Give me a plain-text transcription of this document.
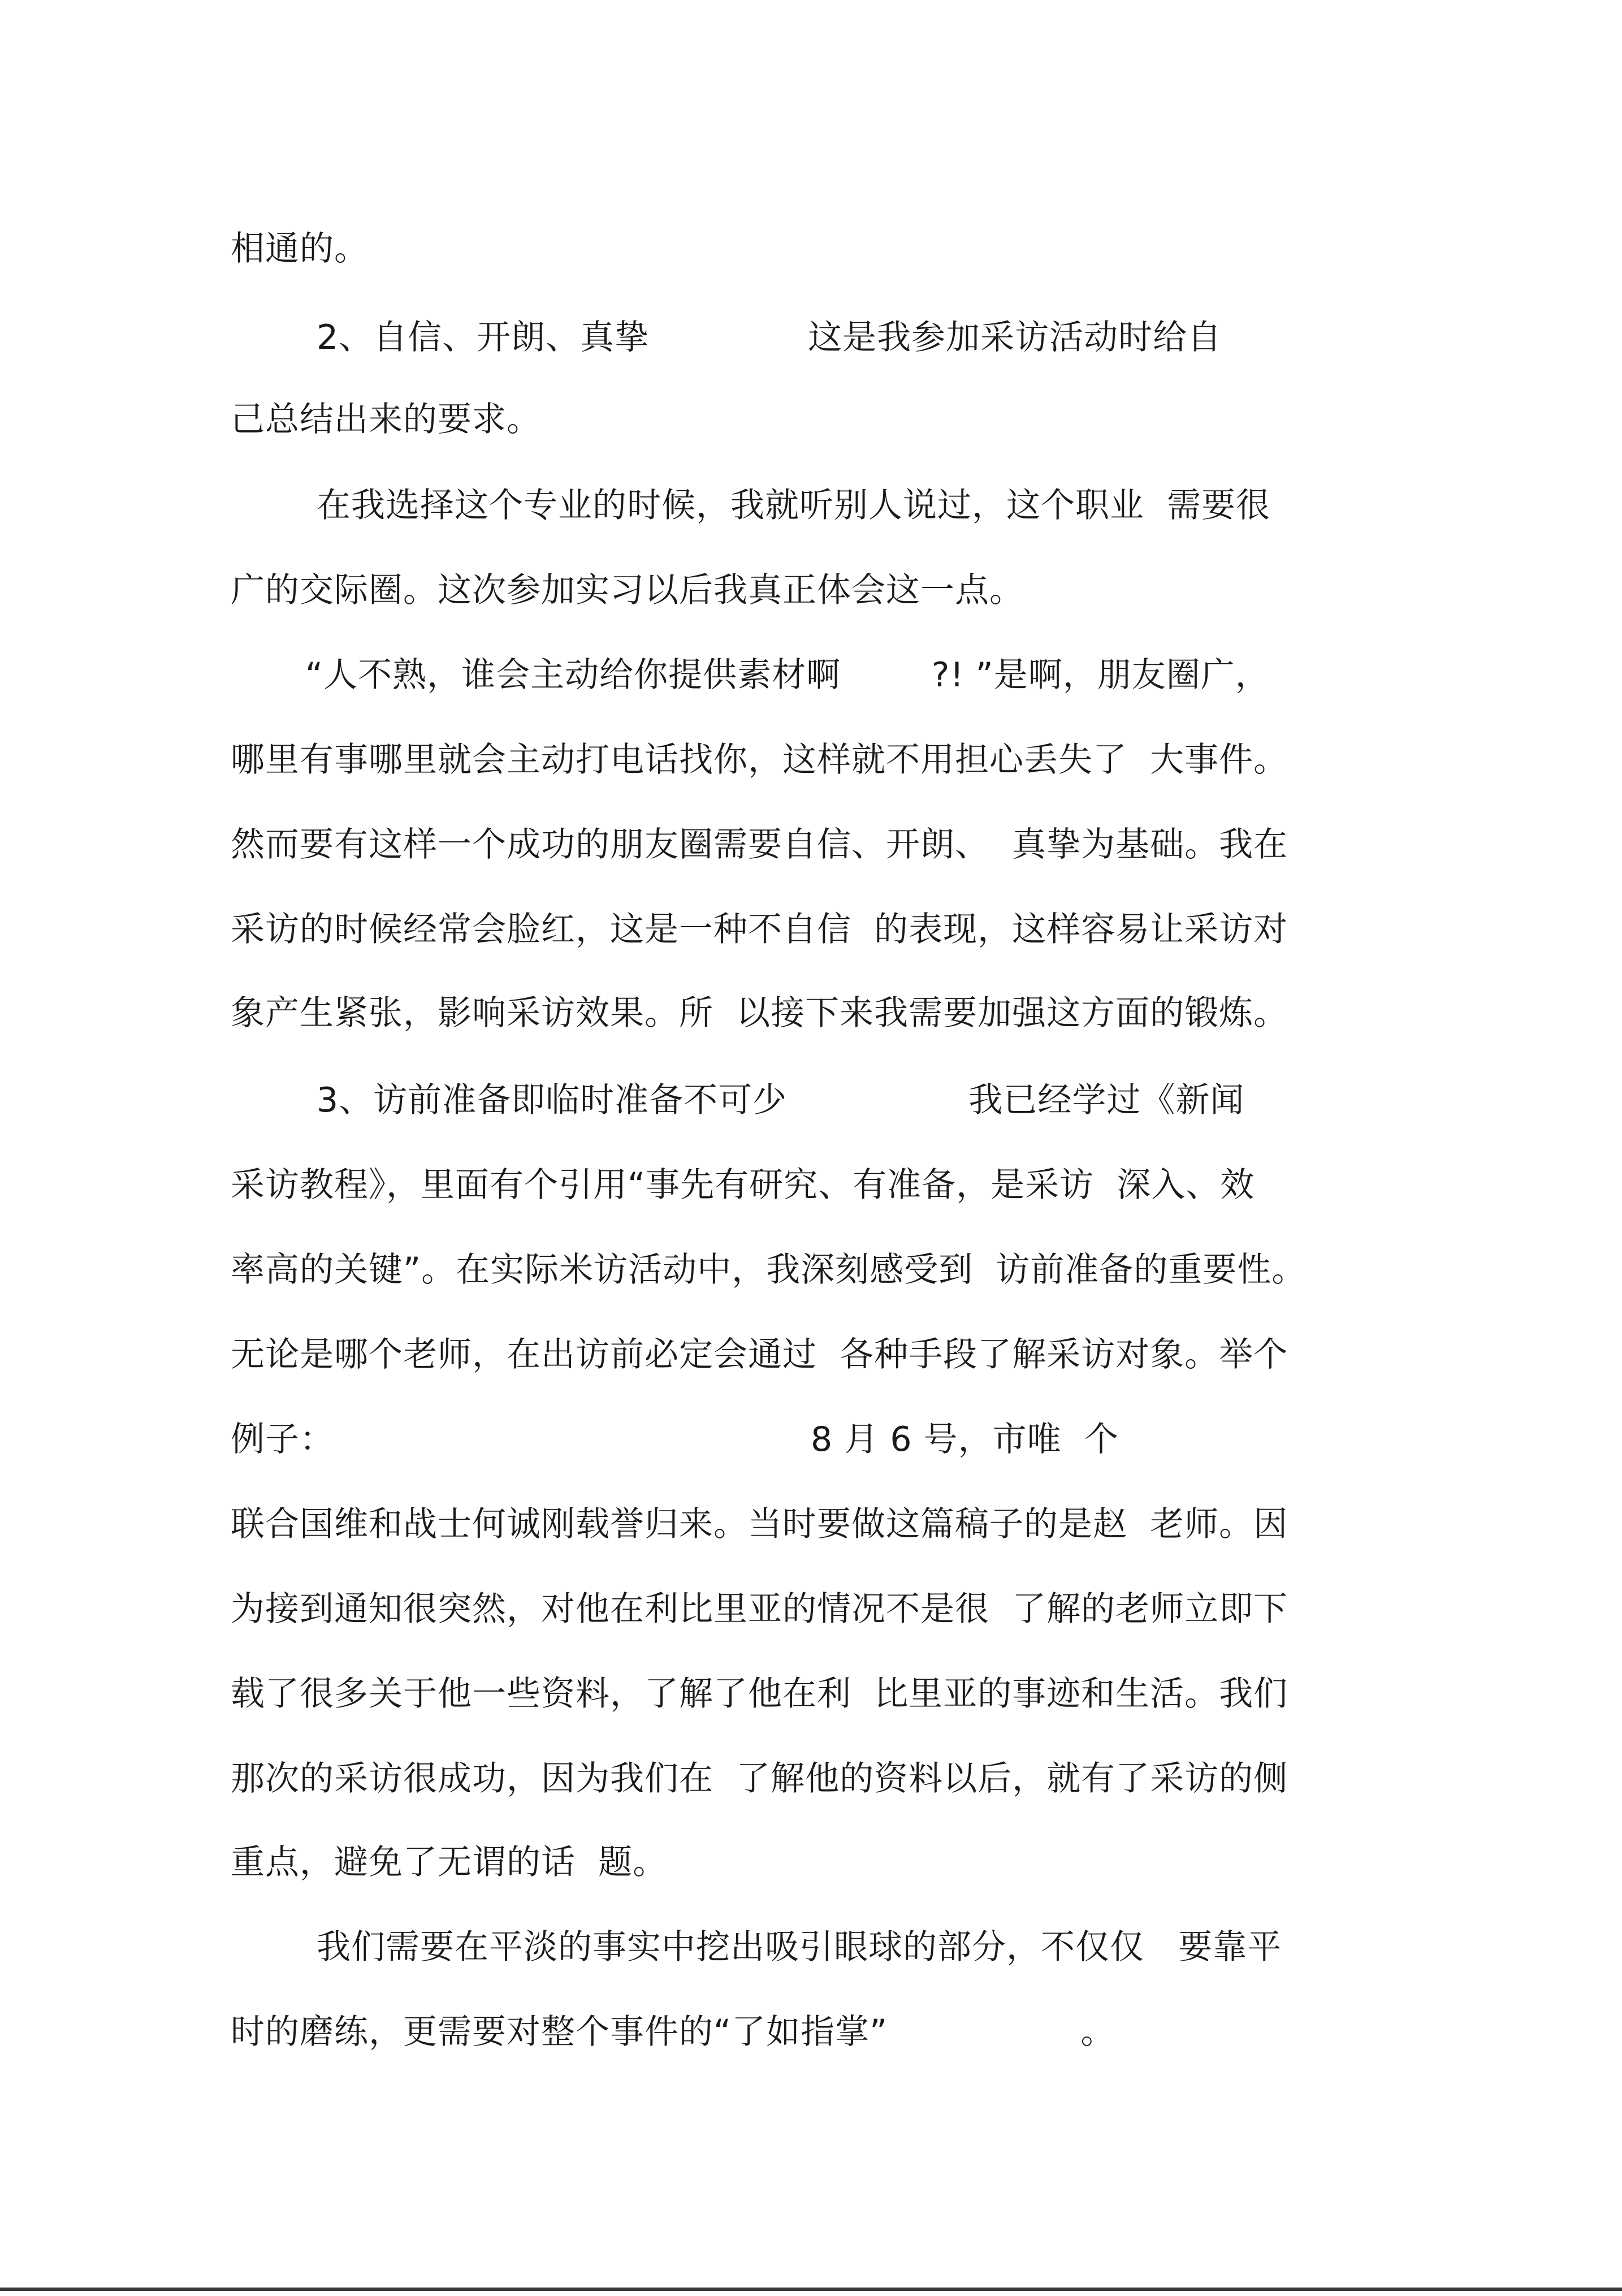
相通的。
2、自信、开朗、真挚              这是我参加采访活动时给自
己总结出来的要求。
在我选择这个专业的时候，我就听别人说过，这个职业  需要很
广的交际圈。这次参加实习以后我真正体会这一点。
“人不熟，谁会主动给你提供素材啊        ?! ”是啊，朋友圈广，
哪里有事哪里就会主动打电话找你，这样就不用担心丢失了  大事件。
然而要有这样一个成功的朋友圈需要自信、开朗、  真挚为基础。我在
采访的时候经常会脸红，这是一种不自信  的表现，这样容易让采访对
象产生紧张，影响采访效果。所  以接下来我需要加强这方面的锻炼。
3、访前准备即临时准备不可少                我已经学过《新闻
采访教程》，里面有个引用“事先有研究、有准备，是采访  深入、效
率高的关键”。在实际米访活动中，我深刻感受到  访前准备的重要性。
无论是哪个老师，在出访前必定会通过  各种手段了解采访对象。举个
例子：                                          8 月 6 号，市唯  个
联合国维和战士何诚刚载誉归来。当时要做这篇稿子的是赵  老师。因
为接到通知很突然，对他在利比里亚的情况不是很  了解的老师立即下
载了很多关于他一些资料，了解了他在利  比里亚的事迹和生活。我们
那次的采访很成功，因为我们在  了解他的资料以后，就有了采访的侧
重点，避免了无谓的话  题。
我们需要在平淡的事实中挖出吸引眼球的部分，不仅仅   要靠平
时的磨练，更需要对整个事件的“了如指掌”                 。
